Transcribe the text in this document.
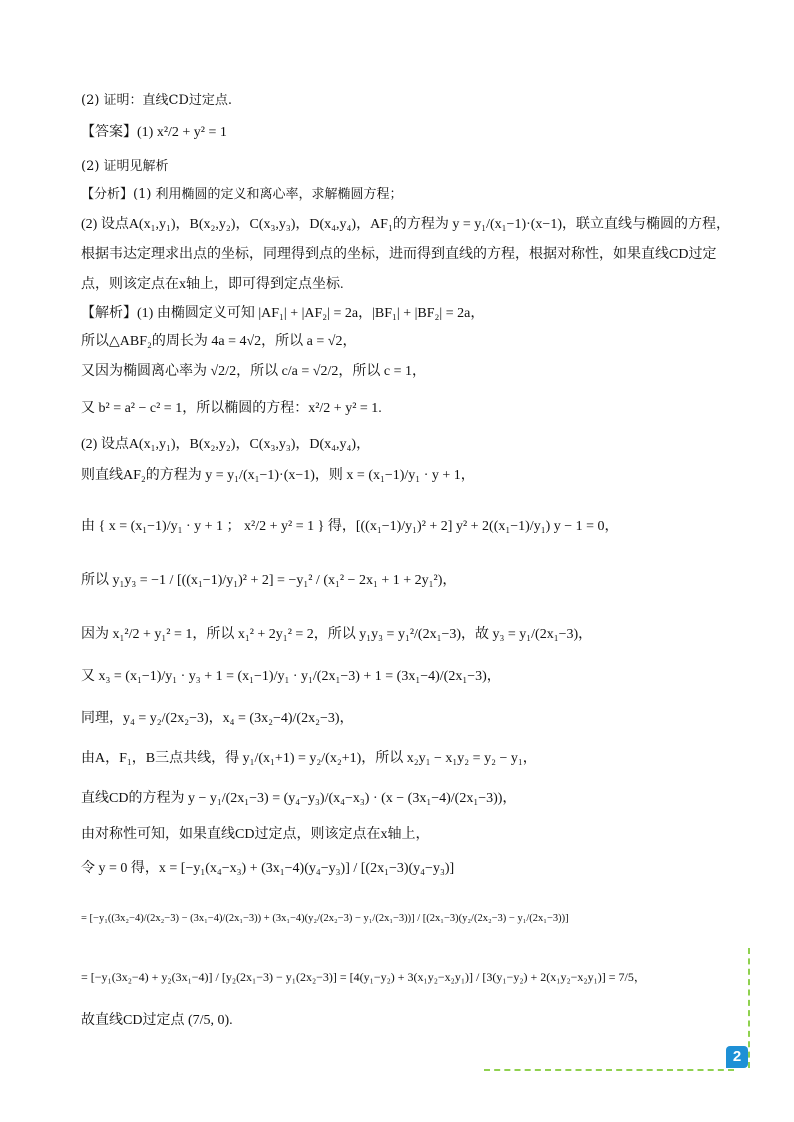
(2) 证明：直线CD过定点.
【答案】(1) x²/2 + y² = 1
(2) 证明见解析
【分析】(1) 利用椭圆的定义和离心率，求解椭圆方程；
(2) 设点A(x₁,y₁)，B(x₂,y₂)，C(x₃,y₃)，D(x₄,y₄)，AF₁的方程为 y = y₁/(x₁−1)·(x−1)，联立直线与椭圆的方程，根据韦达定理求出点的坐标，同理得到点的坐标，进而得到直线的方程，根据对称性，如果直线CD过定点，则该定点在x轴上，即可得到定点坐标.
【解析】(1) 由椭圆定义可知 |AF₁| + |AF₂| = 2a，|BF₁| + |BF₂| = 2a，
所以△ABF₂的周长为 4a = 4√2，所以 a = √2，
又因为椭圆离心率为 √2/2，所以 c/a = √2/2，所以 c = 1，
又 b² = a² − c² = 1，所以椭圆的方程：x²/2 + y² = 1.
(2) 设点A(x₁,y₁)，B(x₂,y₂)，C(x₃,y₃)，D(x₄,y₄)，
则直线AF₂的方程为 y = y₁/(x₁−1)·(x−1)，则 x = (x₁−1)/y₁ · y + 1，
由 { x = (x₁−1)/y₁ · y + 1 ； x²/2 + y² = 1 } 得，[((x₁−1)/y₁)² + 2] y² + 2((x₁−1)/y₁) y − 1 = 0，
所以 y₁y₃ = −1 / [((x₁−1)/y₁)² + 2] = −y₁² / (x₁² − 2x₁ + 1 + 2y₁²)，
因为 x₁²/2 + y₁² = 1，所以 x₁² + 2y₁² = 2，所以 y₁y₃ = y₁²/(2x₁−3)，故 y₃ = y₁/(2x₁−3)，
又 x₃ = (x₁−1)/y₁ · y₃ + 1 = (x₁−1)/y₁ · y₁/(2x₁−3) + 1 = (3x₁−4)/(2x₁−3)，
同理，y₄ = y₂/(2x₂−3)，x₄ = (3x₂−4)/(2x₂−3)，
由A，F₁，B三点共线，得 y₁/(x₁+1) = y₂/(x₂+1)，所以 x₂y₁ − x₁y₂ = y₂ − y₁，
直线CD的方程为 y − y₁/(2x₁−3) = (y₄−y₃)/(x₄−x₃) · (x − (3x₁−4)/(2x₁−3))，
由对称性可知，如果直线CD过定点，则该定点在x轴上，
令 y = 0 得，x = [−y₁(x₄−x₃) + (3x₁−4)(y₄−y₃)] / [(2x₁−3)(y₄−y₃)]
= [−y₁((3x₂−4)/(2x₂−3) − (3x₁−4)/(2x₁−3)) + (3x₁−4)(y₂/(2x₂−3) − y₁/(2x₁−3))] / [(2x₁−3)(y₂/(2x₂−3) − y₁/(2x₁−3))]
= [−y₁(3x₂−4) + y₂(3x₁−4)] / [y₂(2x₁−3) − y₁(2x₂−3)] = [4(y₁−y₂) + 3(x₁y₂−x₂y₁)] / [3(y₁−y₂) + 2(x₁y₂−x₂y₁)] = 7/5，
故直线CD过定点 (7/5, 0).
2
